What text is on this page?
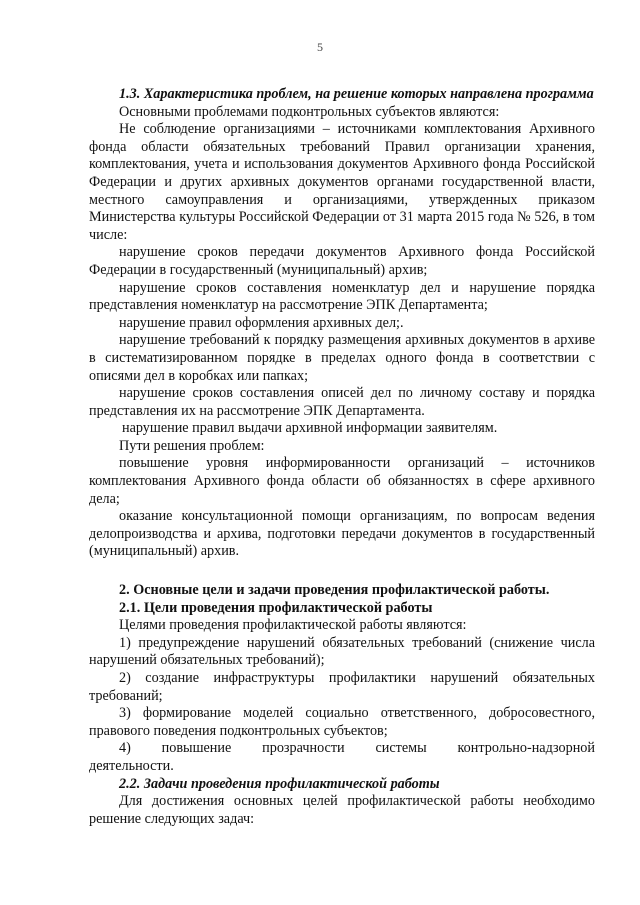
5

1.3. Характеристика проблем, на решение которых направлена программа

Основными проблемами подконтрольных субъектов являются:

Не соблюдение организациями – источниками комплектования Архивного фонда области обязательных требований Правил организации хранения, комплектования, учета и использования документов Архивного фонда Российской Федерации и других архивных документов органами государственной власти, местного самоуправления и организациями, утвержденных приказом Министерства культуры Российской Федерации от 31 марта 2015 года № 526, в том числе:

нарушение сроков передачи документов Архивного фонда Российской Федерации в государственный (муниципальный) архив;

нарушение сроков составления номенклатур дел и нарушение порядка представления номенклатур на рассмотрение ЭПК Департамента;

нарушение правил оформления архивных дел;.

нарушение требований к порядку размещения архивных документов в архиве в систематизированном порядке в пределах одного фонда в соответствии с описями дел в коробках или папках;

нарушение сроков составления описей дел по личному составу и порядка представления их на рассмотрение ЭПК Департамента.

нарушение правил выдачи архивной информации заявителям.

Пути решения проблем:

повышение уровня информированности организаций – источников комплектования Архивного фонда области об обязанностях в сфере архивного дела;

оказание консультационной помощи организациям, по вопросам ведения делопроизводства и архива, подготовки передачи документов в государственный (муниципальный) архив.

2. Основные цели и задачи проведения профилактической работы.

2.1. Цели проведения профилактической работы

Целями проведения профилактической работы являются:

1) предупреждение нарушений обязательных требований (снижение числа нарушений обязательных требований);

2) создание инфраструктуры профилактики нарушений обязательных требований;

3) формирование моделей социально ответственного, добросовестного, правового поведения подконтрольных субъектов;

4) повышение прозрачности системы контрольно-надзорной

деятельности.

2.2. Задачи проведения профилактической работы

Для достижения основных целей профилактической работы необходимо решение следующих задач:
